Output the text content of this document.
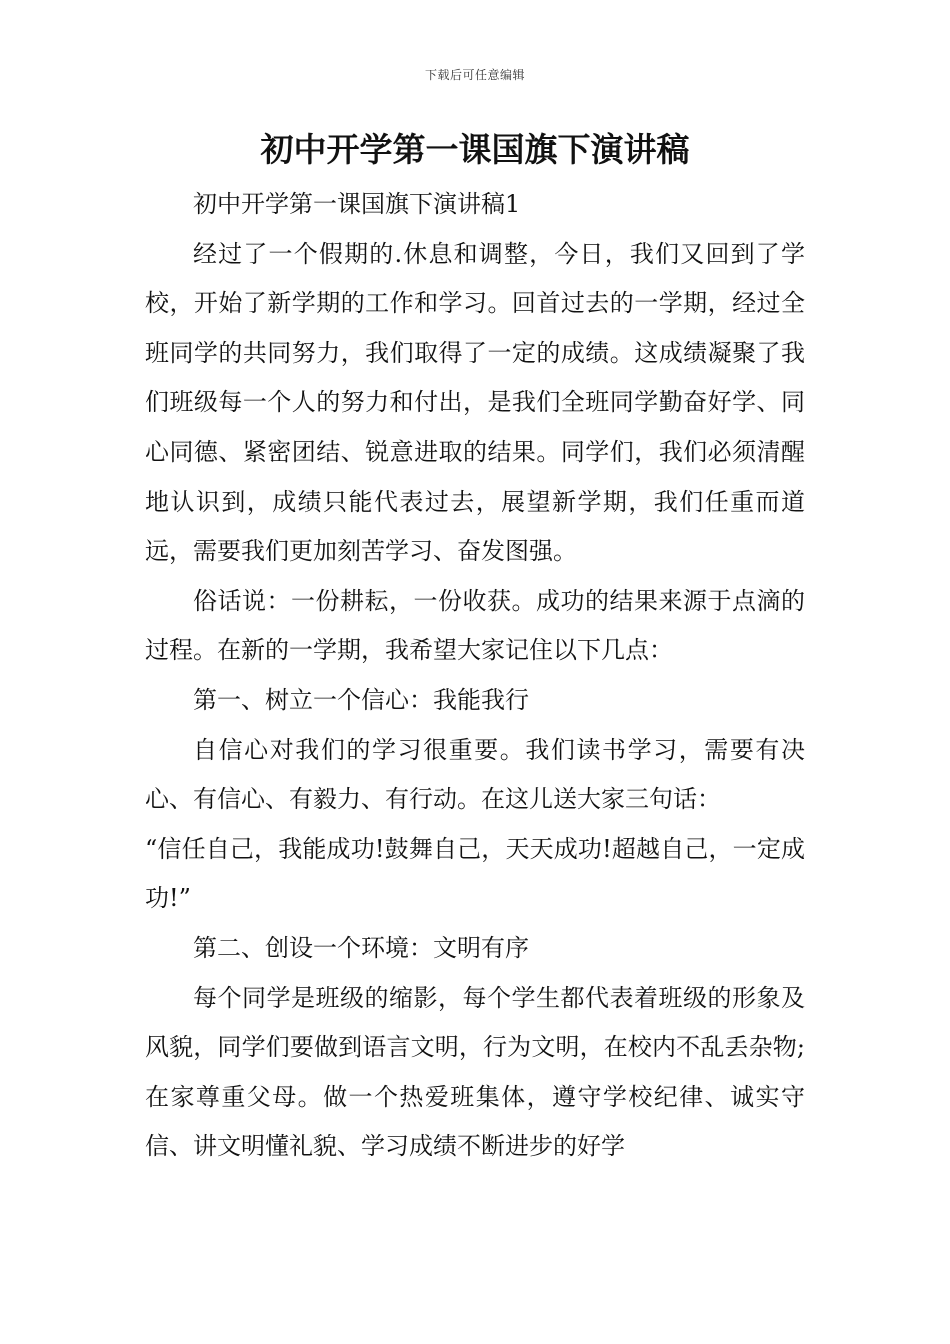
下载后可任意编辑
初中开学第一课国旗下演讲稿

初中开学第一课国旗下演讲稿1

经过了一个假期的.休息和调整，今日，我们又回到了学校，开始了新学期的工作和学习。回首过去的一学期，经过全班同学的共同努力，我们取得了一定的成绩。这成绩凝聚了我们班级每一个人的努力和付出，是我们全班同学勤奋好学、同心同德、紧密团结、锐意进取的结果。同学们，我们必须清醒地认识到，成绩只能代表过去，展望新学期，我们任重而道远，需要我们更加刻苦学习、奋发图强。

俗话说：一份耕耘，一份收获。成功的结果来源于点滴的过程。在新的一学期，我希望大家记住以下几点：

第一、树立一个信心：我能我行

自信心对我们的学习很重要。我们读书学习，需要有决心、有信心、有毅力、有行动。在这儿送大家三句话：

“信任自己，我能成功!鼓舞自己，天天成功!超越自己，一定成功!”

第二、创设一个环境：文明有序

每个同学是班级的缩影，每个学生都代表着班级的形象及风貌，同学们要做到语言文明，行为文明，在校内不乱丢杂物;在家尊重父母。做一个热爱班集体，遵守学校纪律、诚实守信、讲文明懂礼貌、学习成绩不断进步的好学
